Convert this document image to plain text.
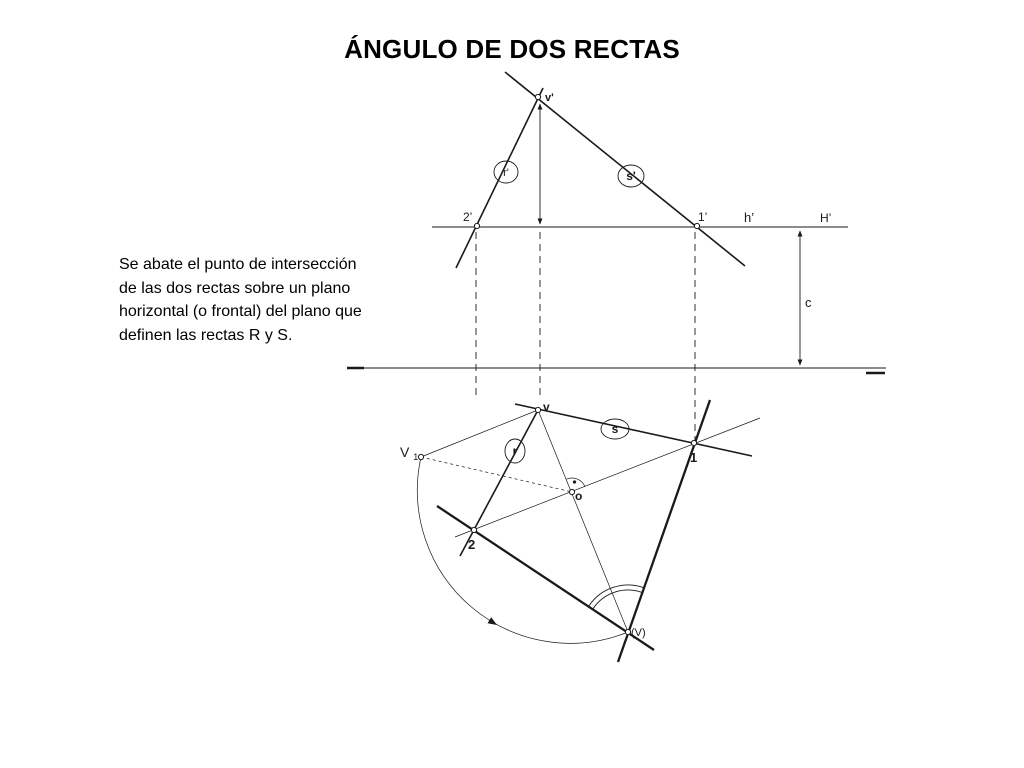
ÁNGULO DE DOS RECTAS
Se abate el punto de intersección
de las dos rectas sobre un plano
horizontal (o frontal) del plano que
definen las rectas R y S.
v'
r'	s'
2’	1’	h’	H’
c
v
s
r	1
V $_1$
o
2
(V)
